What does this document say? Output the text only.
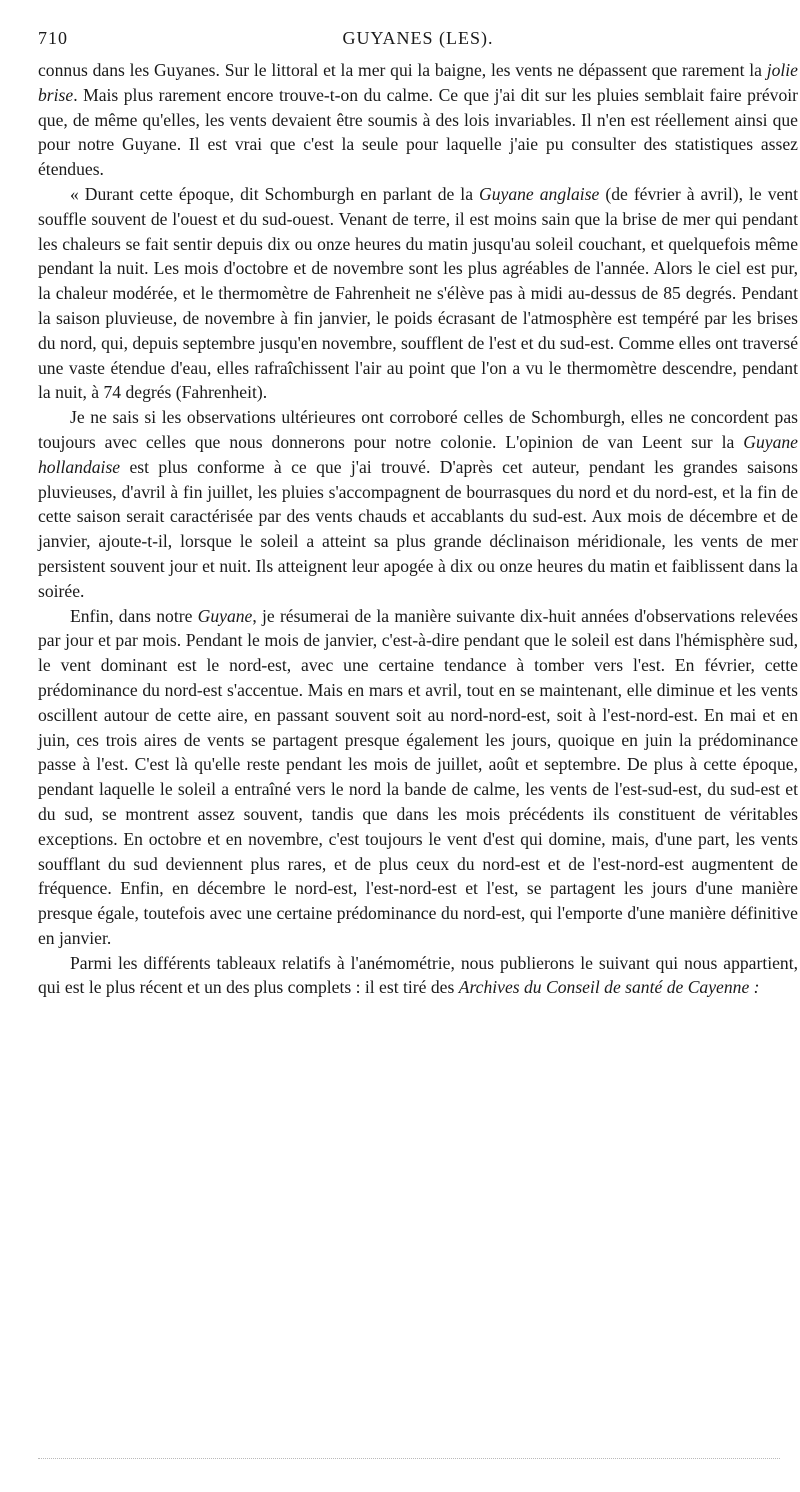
710	GUYANES (LES).

connus dans les Guyanes. Sur le littoral et la mer qui la baigne, les vents ne dépassent que rarement la jolie brise. Mais plus rarement encore trouve-t-on du calme. Ce que j'ai dit sur les pluies semblait faire prévoir que, de même qu'elles, les vents devaient être soumis à des lois invariables. Il n'en est réellement ainsi que pour notre Guyane. Il est vrai que c'est la seule pour laquelle j'aie pu consulter des statistiques assez étendues.

« Durant cette époque, dit Schomburgh en parlant de la Guyane anglaise (de février à avril), le vent souffle souvent de l'ouest et du sud-ouest. Venant de terre, il est moins sain que la brise de mer qui pendant les chaleurs se fait sentir depuis dix ou onze heures du matin jusqu'au soleil couchant, et quelquefois même pendant la nuit. Les mois d'octobre et de novembre sont les plus agréables de l'année. Alors le ciel est pur, la chaleur modérée, et le thermomètre de Fahrenheit ne s'élève pas à midi au-dessus de 85 degrés. Pendant la saison pluvieuse, de novembre à fin janvier, le poids écrasant de l'atmosphère est tempéré par les brises du nord, qui, depuis septembre jusqu'en novembre, soufflent de l'est et du sud-est. Comme elles ont traversé une vaste étendue d'eau, elles rafraîchissent l'air au point que l'on a vu le thermomètre descendre, pendant la nuit, à 74 degrés (Fahrenheit).

Je ne sais si les observations ultérieures ont corroboré celles de Schomburgh, elles ne concordent pas toujours avec celles que nous donnerons pour notre colonie. L'opinion de van Leent sur la Guyane hollandaise est plus conforme à ce que j'ai trouvé. D'après cet auteur, pendant les grandes saisons pluvieuses, d'avril à fin juillet, les pluies s'accompagnent de bourrasques du nord et du nord-est, et la fin de cette saison serait caractérisée par des vents chauds et accablants du sud-est. Aux mois de décembre et de janvier, ajoute-t-il, lorsque le soleil a atteint sa plus grande déclinaison méridionale, les vents de mer persistent souvent jour et nuit. Ils atteignent leur apogée à dix ou onze heures du matin et faiblissent dans la soirée.

Enfin, dans notre Guyane, je résumerai de la manière suivante dix-huit années d'observations relevées par jour et par mois. Pendant le mois de janvier, c'est-à-dire pendant que le soleil est dans l'hémisphère sud, le vent dominant est le nord-est, avec une certaine tendance à tomber vers l'est. En février, cette prédominance du nord-est s'accentue. Mais en mars et avril, tout en se maintenant, elle diminue et les vents oscillent autour de cette aire, en passant souvent soit au nord-nord-est, soit à l'est-nord-est. En mai et en juin, ces trois aires de vents se partagent presque également les jours, quoique en juin la prédominance passe à l'est. C'est là qu'elle reste pendant les mois de juillet, août et septembre. De plus à cette époque, pendant laquelle le soleil a entraîné vers le nord la bande de calme, les vents de l'est-sud-est, du sud-est et du sud, se montrent assez souvent, tandis que dans les mois précédents ils constituent de véritables exceptions. En octobre et en novembre, c'est toujours le vent d'est qui domine, mais, d'une part, les vents soufflant du sud deviennent plus rares, et de plus ceux du nord-est et de l'est-nord-est augmentent de fréquence. Enfin, en décembre le nord-est, l'est-nord-est et l'est, se partagent les jours d'une manière presque égale, toutefois avec une certaine prédominance du nord-est, qui l'emporte d'une manière définitive en janvier.

Parmi les différents tableaux relatifs à l'anémométrie, nous publierons le suivant qui nous appartient, qui est le plus récent et un des plus complets : il est tiré des Archives du Conseil de santé de Cayenne :
